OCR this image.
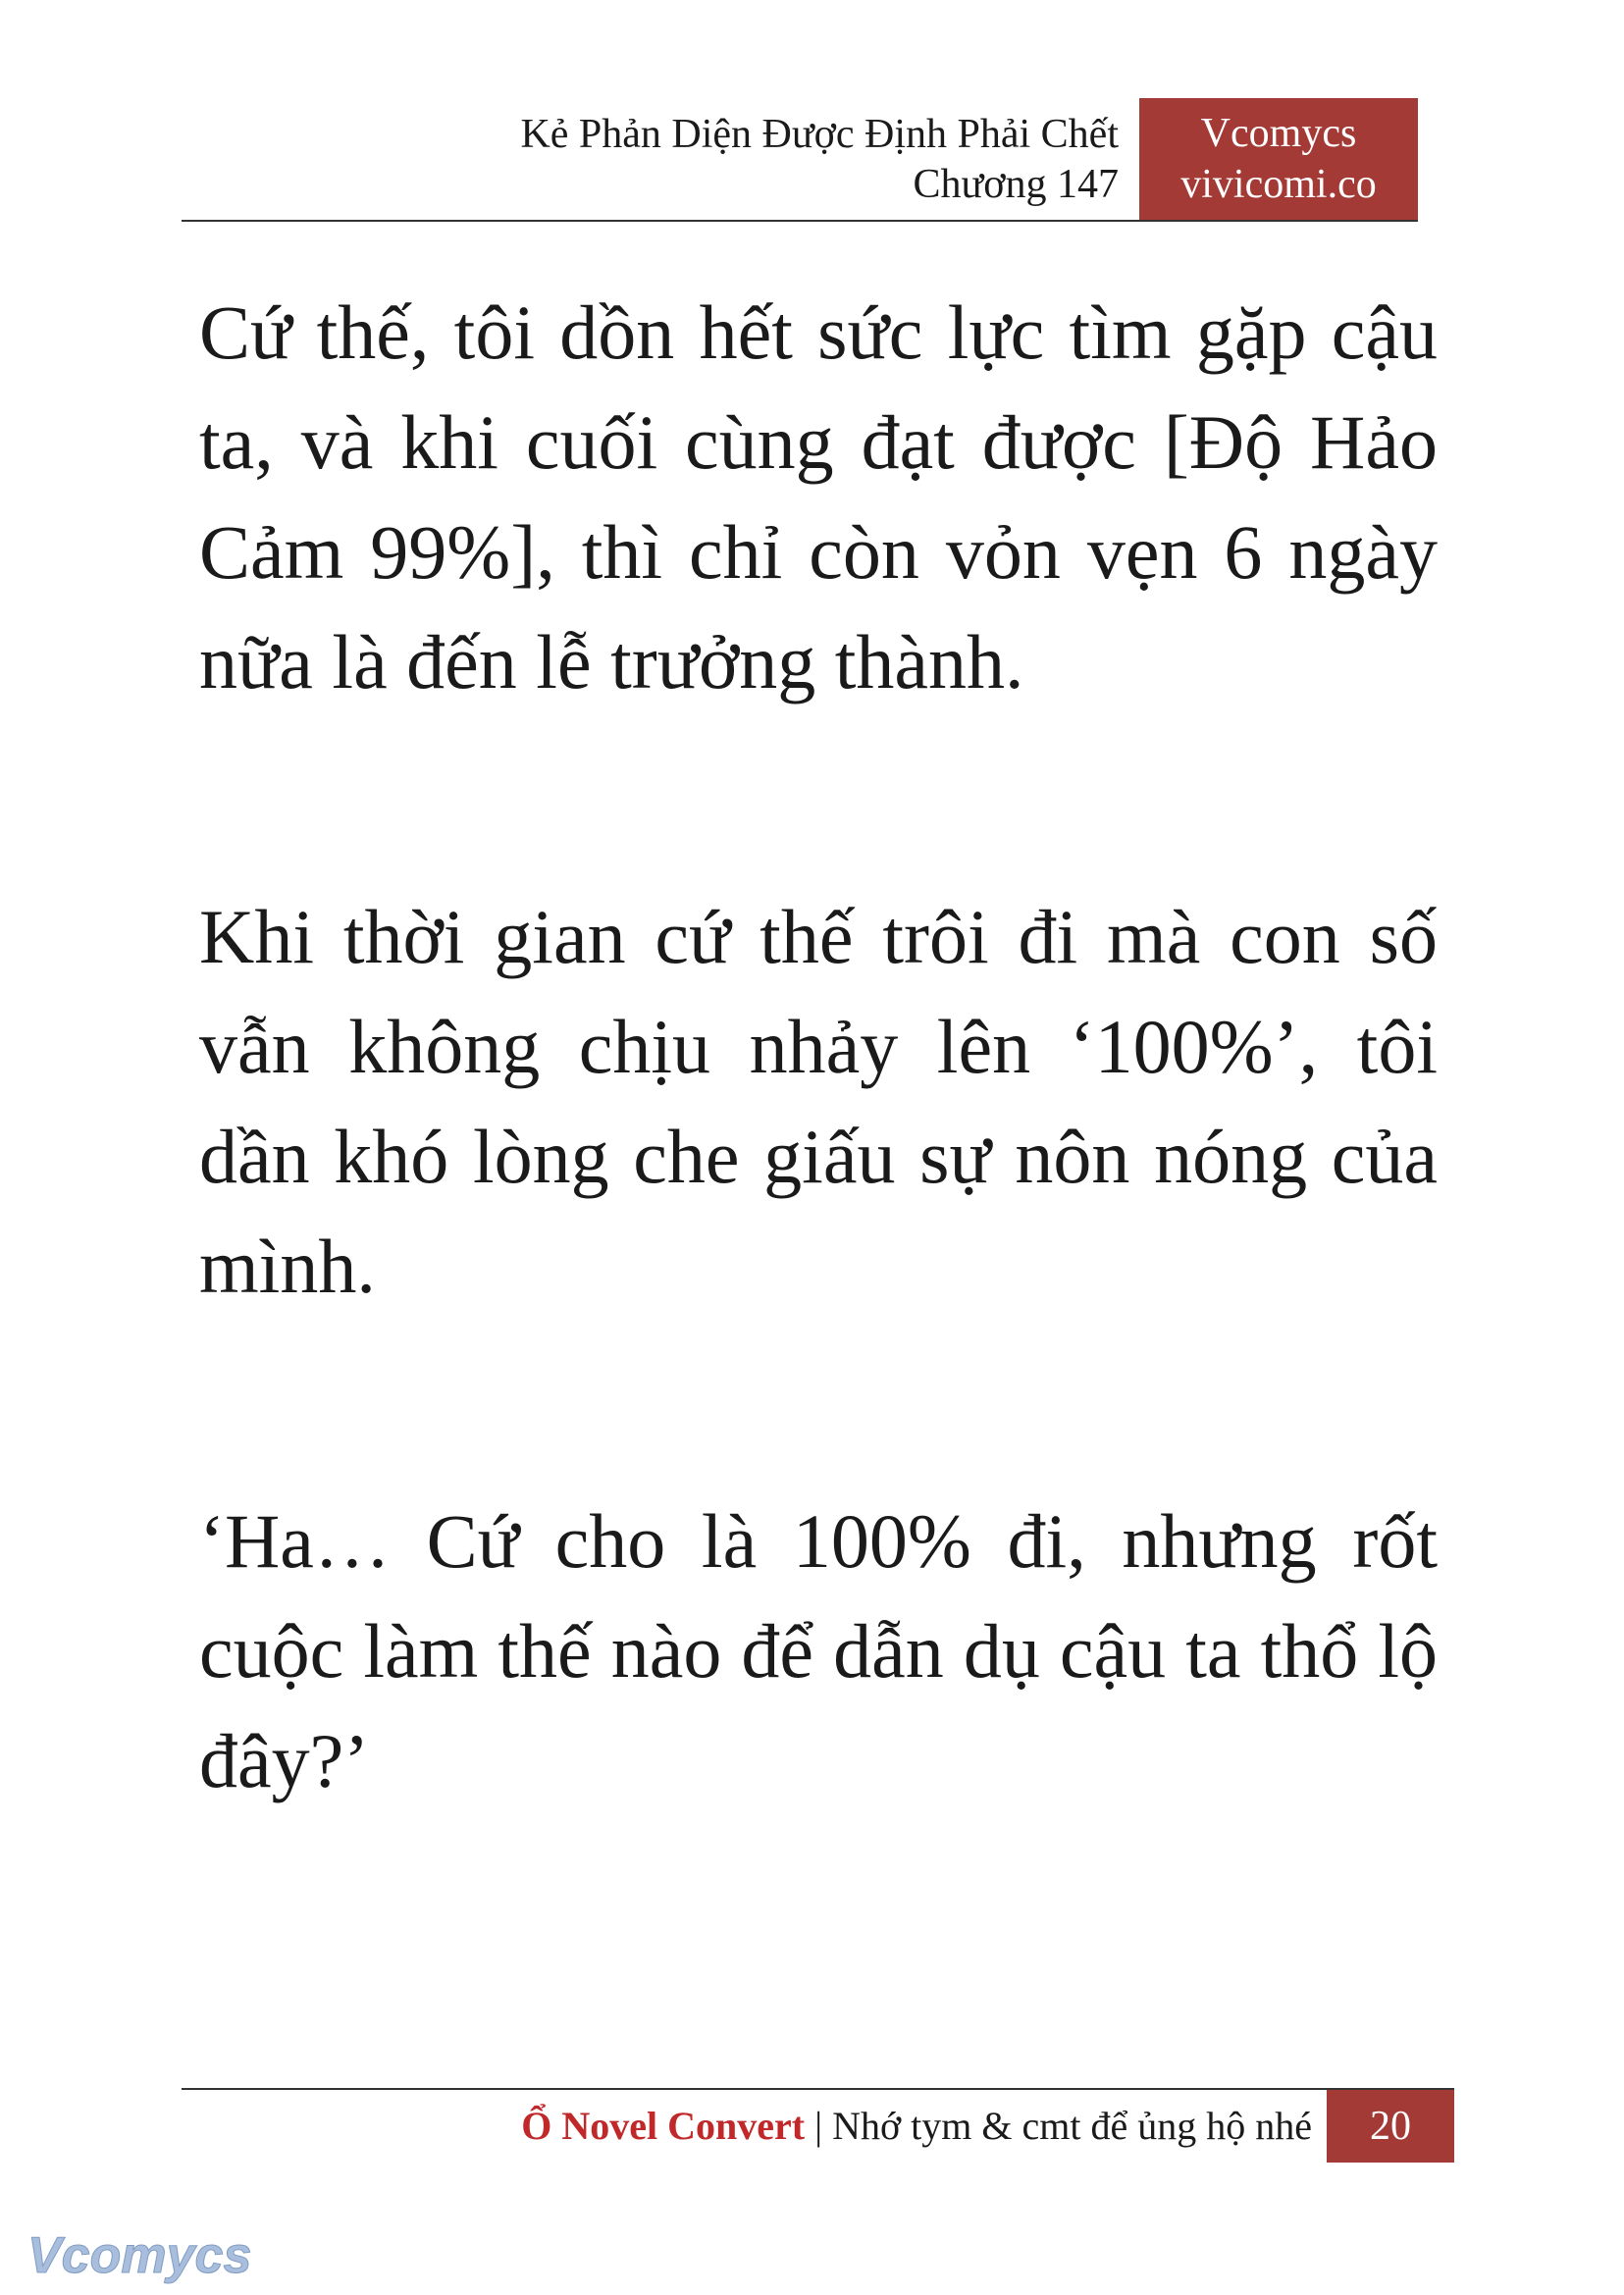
Kẻ Phản Diện Được Định Phải Chết
Chương 147
Vcomycs
vivicomi.co

Cứ thế, tôi dồn hết sức lực tìm gặp cậu ta, và khi cuối cùng đạt được [Độ Hảo Cảm 99%], thì chỉ còn vỏn vẹn 6 ngày nữa là đến lễ trưởng thành.

Khi thời gian cứ thế trôi đi mà con số vẫn không chịu nhảy lên ‘100%’, tôi dần khó lòng che giấu sự nôn nóng của mình.

‘Ha… Cứ cho là 100% đi, nhưng rốt cuộc làm thế nào để dẫn dụ cậu ta thổ lộ đây?’

Ổ Novel Convert | Nhớ tym & cmt để ủng hộ nhé	20
Vcomycs
